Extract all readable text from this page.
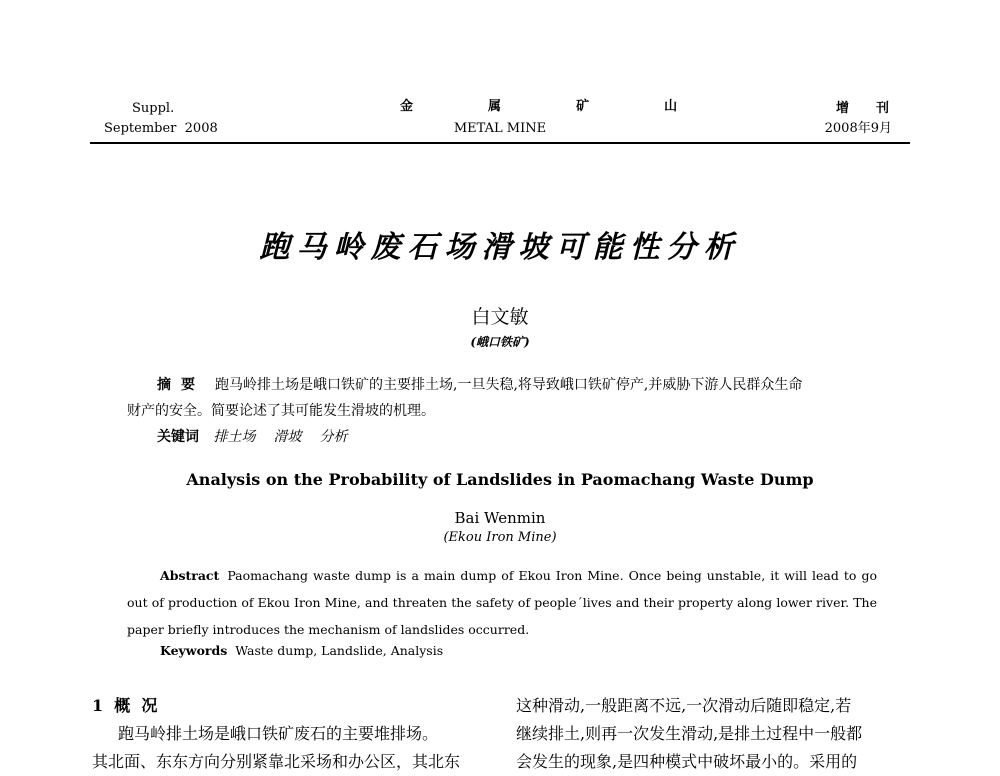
Suppl.
September  2008
金  属  矿  山
METAL MINE
增  刊
2008年9月
跑马岭废石场滑坡可能性分析
白文敏
(峨口铁矿)
摘要 跑马岭排土场是峨口铁矿的主要排土场,一旦失稳,将导致峨口铁矿停产,并威胁下游人民群众生命
财产的安全。简要论述了其可能发生滑坡的机理。
关键词 排土场 滑坡 分析
Analysis on the Probability of Landslides in Paomachang Waste Dump
Bai Wenmin
(Ekou Iron Mine)
Abstract Paomachang waste dump is a main dump of Ekou Iron Mine. Once being unstable, it will lead to go out of production of Ekou Iron Mine, and threaten the safety of people´lives and their property along lower river. The paper briefly introduces the mechanism of landslides occurred.
Keywords Waste dump, Landslide, Analysis
1  概  况
跑马岭排土场是峨口铁矿废石的主要堆排场。
其北面、东东方向分别紧靠北采场和办公区，其北东
这种滑动,一般距离不远,一次滑动后随即稳定,若
继续排土,则再一次发生滑动,是排土过程中一般都
会发生的现象,是四种模式中破坏最小的。采用的
